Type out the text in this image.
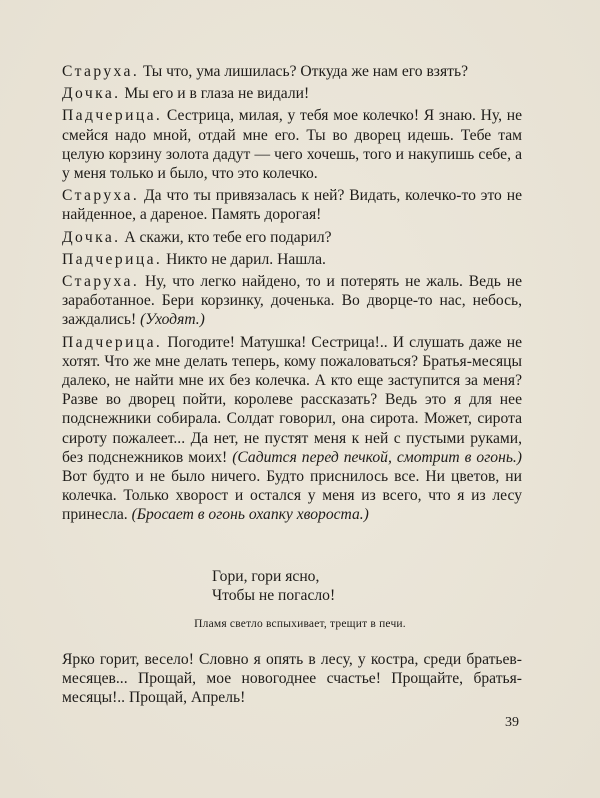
Старуха. Ты что, ума лишилась? Откуда же нам его взять?

Дочка. Мы его и в глаза не видали!

Падчерица. Сестрица, милая, у тебя мое колечко! Я знаю. Ну, не смейся надо мной, отдай мне его. Ты во дворец идешь. Тебе там целую корзину золота дадут — чего хочешь, того и накупишь себе, а у меня только и было, что это колечко.

Старуха. Да что ты привязалась к ней? Видать, колечко-то это не найденное, а дареное. Память дорогая!

Дочка. А скажи, кто тебе его подарил?

Падчерица. Никто не дарил. Нашла.

Старуха. Ну, что легко найдено, то и потерять не жаль. Ведь не заработанное. Бери корзинку, доченька. Во дворце-то нас, небось, заждались! (Уходят.)

Падчерица. Погодите! Матушка! Сестрица!.. И слушать даже не хотят. Что же мне делать теперь, кому пожаловаться? Братья-месяцы далеко, не найти мне их без колечка. А кто еще заступится за меня? Разве во дворец пойти, королеве рассказать? Ведь это я для нее подснежники собирала. Солдат говорил, она сирота. Может, сирота сироту пожалеет... Да нет, не пустят меня к ней с пустыми руками, без подснежников моих! (Садится перед печкой, смотрит в огонь.) Вот будто и не было ничего. Будто приснилось все. Ни цветов, ни колечка. Только хворост и остался у меня из всего, что я из лесу принесла. (Бросает в огонь охапку хвороста.)

Гори, гори ясно,
Чтобы не погасло!
Пламя светло вспыхивает, трещит в печи.

Ярко горит, весело! Словно я опять в лесу, у костра, среди братьев-месяцев... Прощай, мое новогоднее счастье! Прощайте, братья-месяцы!.. Прощай, Апрель!

39
